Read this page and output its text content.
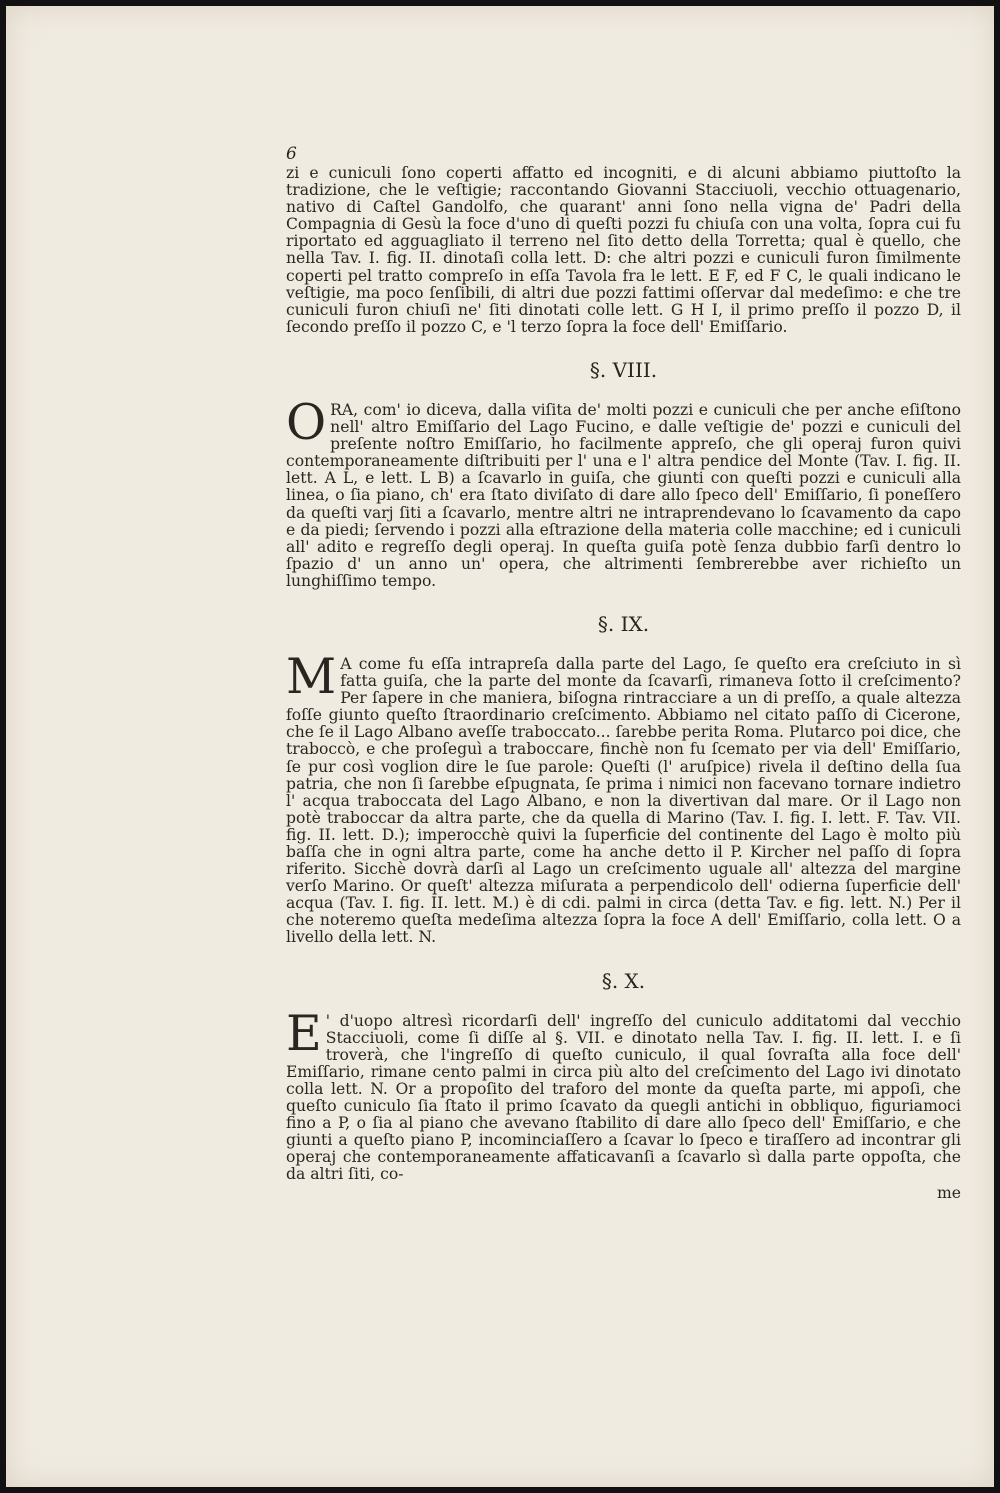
6

zi e cuniculi ſono coperti affatto ed incogniti, e di alcuni abbiamo piuttoſto la tradizione, che le veſtigie; raccontando Giovanni Stacciuoli, vecchio ottuagenario, nativo di Caſtel Gandolfo, che quarant' anni ſono nella vigna de' Padri della Compagnia di Gesù la foce d'uno di queſti pozzi fu chiuſa con una volta, ſopra cui fu riportato ed agguagliato il terreno nel ſito detto della Torretta; qual è quello, che nella Tav. I. fig. II. dinotaſi colla lett. D: che altri pozzi e cuniculi furon ſimilmente coperti pel tratto compreſo in eſſa Tavola fra le lett. E F, ed F C, le quali indicano le veſtigie, ma poco ſenſibili, di altri due pozzi fattimi oſſervar dal medeſimo: e che tre cuniculi furon chiuſi ne' ſiti dinotati colle lett. G H I, il primo preſſo il pozzo D, il ſecondo preſſo il pozzo C, e 'l terzo ſopra la foce dell' Emiſſario.

§. VIII.

ORA, com' io diceva, dalla viſita de' molti pozzi e cuniculi che per anche eſiſtono nell' altro Emiſſario del Lago Fucino, e dalle veſtigie de' pozzi e cuniculi del preſente noſtro Emiſſario, ho facilmente appreſo, che gli operaj furon quivi contemporaneamente diſtribuiti per l' una e l' altra pendice del Monte (Tav. I. fig. II. lett. A L, e lett. L B) a ſcavarlo in guiſa, che giunti con queſti pozzi e cuniculi alla linea, o ſia piano, ch' era ſtato diviſato di dare allo ſpeco dell' Emiſſario, ſi poneſſero da queſti varj ſiti a ſcavarlo, mentre altri ne intraprendevano lo ſcavamento da capo e da piedi; ſervendo i pozzi alla eſtrazione della materia colle macchine; ed i cuniculi all' adito e regreſſo degli operaj. In queſta guiſa potè ſenza dubbio farſi dentro lo ſpazio d' un anno un' opera, che altrimenti ſembrerebbe aver richieſto un lunghiſſimo tempo.

§. IX.

M A come fu eſſa intrapreſa dalla parte del Lago, ſe queſto era creſciuto in sì fatta guiſa, che la parte del monte da ſcavarſi, rimaneva ſotto il creſcimento? Per ſapere in che maniera, biſogna rintracciare a un di preſſo, a quale altezza foſſe giunto queſto ſtraordinario creſcimento. Abbiamo nel citato paſſo di Cicerone, che ſe il Lago Albano aveſſe traboccato... ſarebbe perita Roma. Plutarco poi dice, che traboccò, e che proſeguì a traboccare, finchè non fu ſcemato per via dell' Emiſſario, ſe pur così voglion dire le ſue parole: Queſti (l' aruſpice) rivela il deſtino della ſua patria, che non ſi ſarebbe eſpugnata, ſe prima i nimici non facevano tornare indietro l' acqua traboccata del Lago Albano, e non la divertivan dal mare. Or il Lago non potè traboccar da altra parte, che da quella di Marino (Tav. I. fig. I. lett. F. Tav. VII. fig. II. lett. D.); imperocchè quivi la ſuperficie del continente del Lago è molto più baſſa che in ogni altra parte, come ha anche detto il P. Kircher nel paſſo di ſopra riferito. Sicchè dovrà darſi al Lago un creſcimento uguale all' altezza del margine verſo Marino. Or queſt' altezza miſurata a perpendicolo dell' odierna ſuperficie dell' acqua (Tav. I. fig. II. lett. M.) è di cdi. palmi in circa (detta Tav. e fig. lett. N.) Per il che noteremo queſta medeſima altezza ſopra la foce A dell' Emiſſario, colla lett. O a livello della lett. N.

§. X.

E ' d'uopo altresì ricordarſi dell' ingreſſo del cuniculo additatomi dal vecchio Stacciuoli, come ſi diſſe al §. VII. e dinotato nella Tav. I. fig. II. lett. I. e ſi troverà, che l'ingreſſo di queſto cuniculo, il qual ſovraſta alla foce dell' Emiſſario, rimane cento palmi in circa più alto del creſcimento del Lago ivi dinotato colla lett. N. Or a propoſito del traforo del monte da queſta parte, mi appoſi, che queſto cuniculo ſia ſtato il primo ſcavato da quegli antichi in obbliquo, figuriamoci fino a P, o ſia al piano che avevano ſtabilito di dare allo ſpeco dell' Emiſſario, e che giunti a queſto piano P, incominciaſſero a ſcavar lo ſpeco e tiraſſero ad incontrar gli operaj che contemporaneamente affaticavanſi a ſcavarlo sì dalla parte oppoſta, che da altri ſiti, co-

me
